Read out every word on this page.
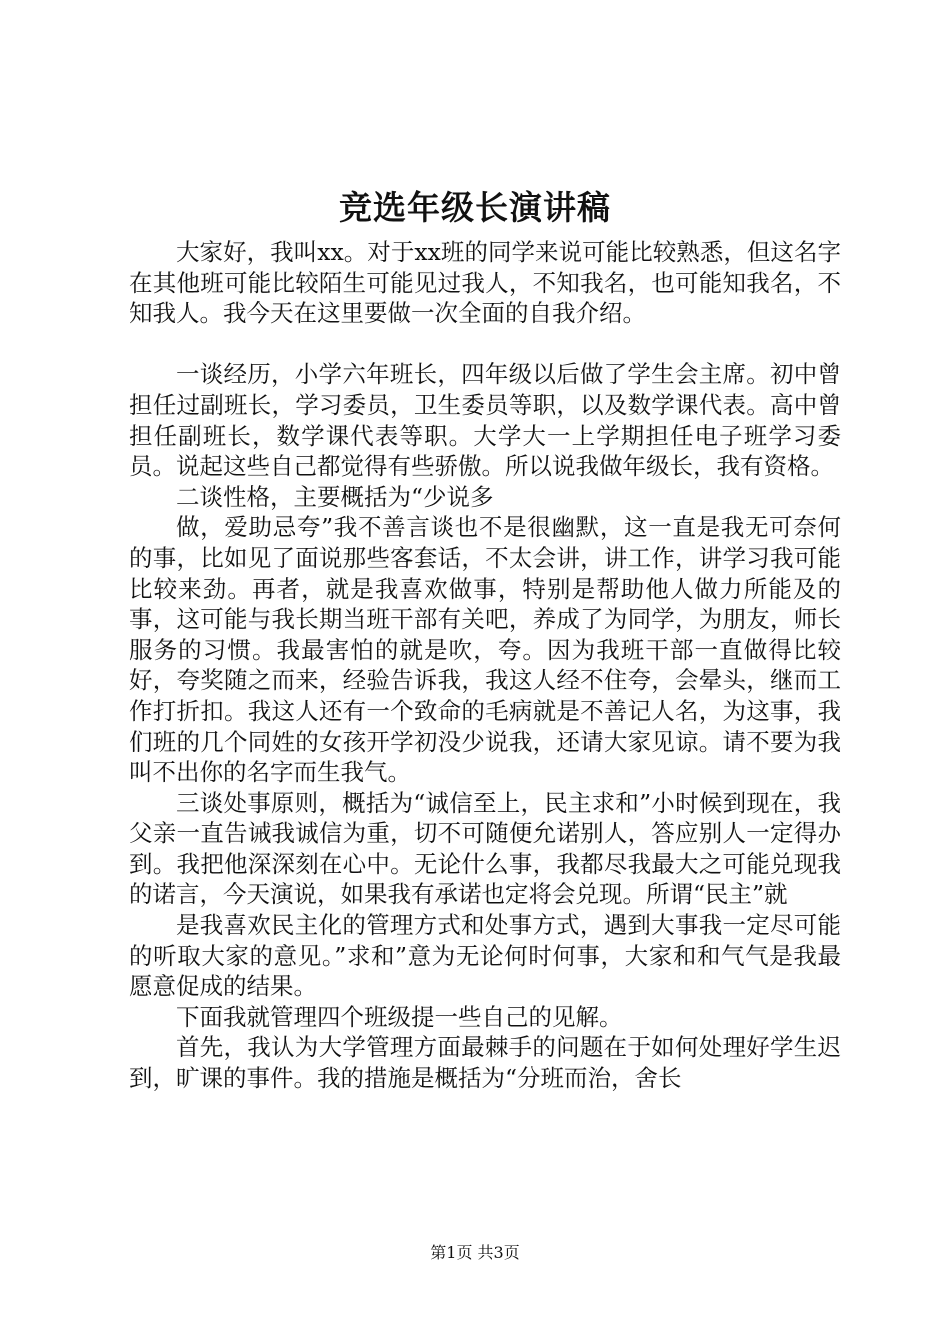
竞选年级长演讲稿

大家好，我叫xx。对于xx班的同学来说可能比较熟悉，但这名字在其他班可能比较陌生可能见过我人，不知我名，也可能知我名，不知我人。我今天在这里要做一次全面的自我介绍。

一谈经历，小学六年班长，四年级以后做了学生会主席。初中曾担任过副班长，学习委员，卫生委员等职，以及数学课代表。高中曾担任副班长，数学课代表等职。大学大一上学期担任电子班学习委员。说起这些自己都觉得有些骄傲。所以说我做年级长，我有资格。

二谈性格，主要概括为“少说多

做，爱助忌夸”我不善言谈也不是很幽默，这一直是我无可奈何的事，比如见了面说那些客套话，不太会讲，讲工作，讲学习我可能比较来劲。再者，就是我喜欢做事，特别是帮助他人做力所能及的事，这可能与我长期当班干部有关吧，养成了为同学，为朋友，师长服务的习惯。我最害怕的就是吹，夸。因为我班干部一直做得比较好，夸奖随之而来，经验告诉我，我这人经不住夸，会晕头，继而工作打折扣。我这人还有一个致命的毛病就是不善记人名，为这事，我们班的几个同姓的女孩开学初没少说我，还请大家见谅。请不要为我叫不出你的名字而生我气。

三谈处事原则，概括为“诚信至上，民主求和”小时候到现在，我父亲一直告诫我诚信为重，切不可随便允诺别人，答应别人一定得办到。我把他深深刻在心中。无论什么事，我都尽我最大之可能兑现我的诺言，今天演说，如果我有承诺也定将会兑现。所谓“民主”就

是我喜欢民主化的管理方式和处事方式，遇到大事我一定尽可能的听取大家的意见。”求和”意为无论何时何事，大家和和气气是我最愿意促成的结果。

下面我就管理四个班级提一些自己的见解。

首先，我认为大学管理方面最棘手的问题在于如何处理好学生迟到，旷课的事件。我的措施是概括为“分班而治，舍长

第1页 共3页
